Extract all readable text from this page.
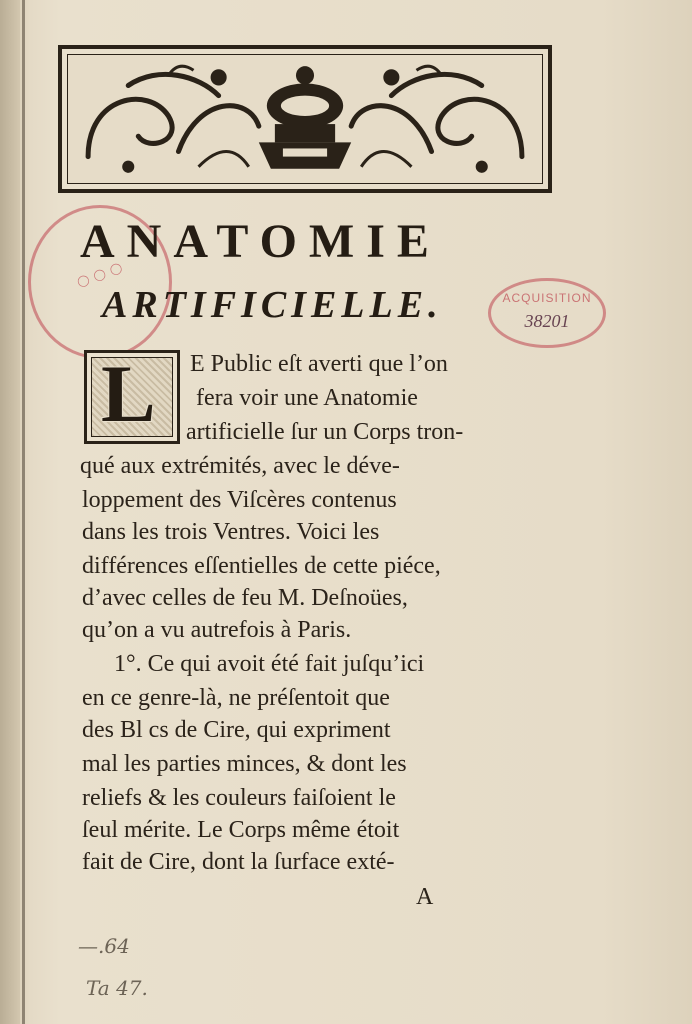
◯ ◯ ◯
ANATOMIE
ARTIFICIELLE.	ACQUISITION
38201
L E Public eſt averti que l’on
fera voir une Anatomie
artificielle ſur un Corps tron-
qué aux extrémités, avec le déve-
loppement des Viſcères contenus
dans les trois Ventres. Voici les
différences eſſentielles de cette piéce,
d’avec celles de feu M. Deſnoües,
qu’on a vu autrefois à Paris.
1°. Ce qui avoit été fait juſqu’ici
en ce genre-là, ne préſentoit que
des Bl cs de Cire, qui expriment
mal les parties minces, & dont les
reliefs & les couleurs faiſoient le
ſeul mérite. Le Corps même étoit
fait de Cire, dont la ſurface exté-
A
—.64
Ta 47.
